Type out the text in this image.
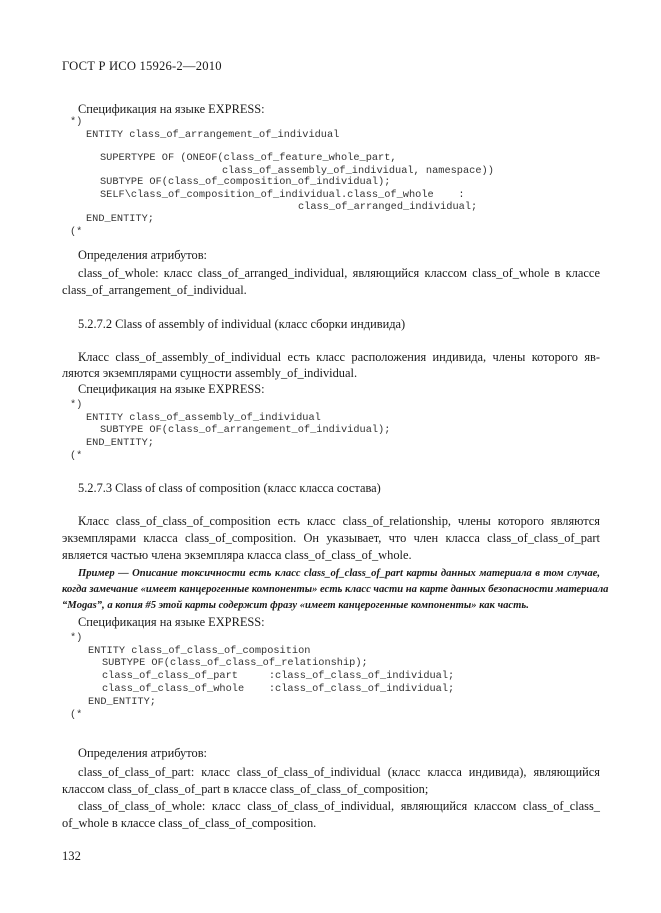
ГОСТ Р ИСО 15926-2—2010
Спецификация на языке EXPRESS:
*)
ENTITY class_of_arrangement_of_individual
SUPERTYPE OF (ONEOF(class_of_feature_whole_part,
class_of_assembly_of_individual, namespace))
SUBTYPE OF(class_of_composition_of_individual);
SELF\class_of_composition_of_individual.class_of_whole    :
class_of_arranged_individual;
END_ENTITY;
(*
Определения атрибутов:
class_of_whole: класс class_of_arranged_individual, являющийся классом class_of_whole в классе
class_of_arrangement_of_individual.
5.2.7.2 Class of assembly of individual (класс сборки индивида)
Класс class_of_assembly_of_individual есть класс расположения индивида, члены которого яв-
ляются экземплярами сущности assembly_of_individual.
Спецификация на языке EXPRESS:
*)
ENTITY class_of_assembly_of_individual
SUBTYPE OF(class_of_arrangement_of_individual);
END_ENTITY;
(*
5.2.7.3 Class of class of composition (класс класса состава)
Класс class_of_class_of_composition есть класс class_of_relationship, члены которого являются
экземплярами класса class_of_composition. Он указывает, что член класса class_of_class_of_part
является частью члена экземпляра класса class_of_class_of_whole.
Пример — Описание токсичности есть класс class_of_class_of_part карты данных материала в том случае,
когда замечание «имеет канцерогенные компоненты» есть класс части на карте данных безопасности материала
“Mogas”, а копия #5 этой карты содержит фразу «имеет канцерогенные компоненты» как часть.
Спецификация на языке EXPRESS:
*)
ENTITY class_of_class_of_composition
SUBTYPE OF(class_of_class_of_relationship);
class_of_class_of_part     :class_of_class_of_individual;
class_of_class_of_whole    :class_of_class_of_individual;
END_ENTITY;
(*
Определения атрибутов:
class_of_class_of_part: класс class_of_class_of_individual (класс класса индивида), являющийся
классом class_of_class_of_part в классе class_of_class_of_composition;
class_of_class_of_whole: класс class_of_class_of_individual, являющийся классом class_of_class_
of_whole в классе class_of_class_of_composition.
132
